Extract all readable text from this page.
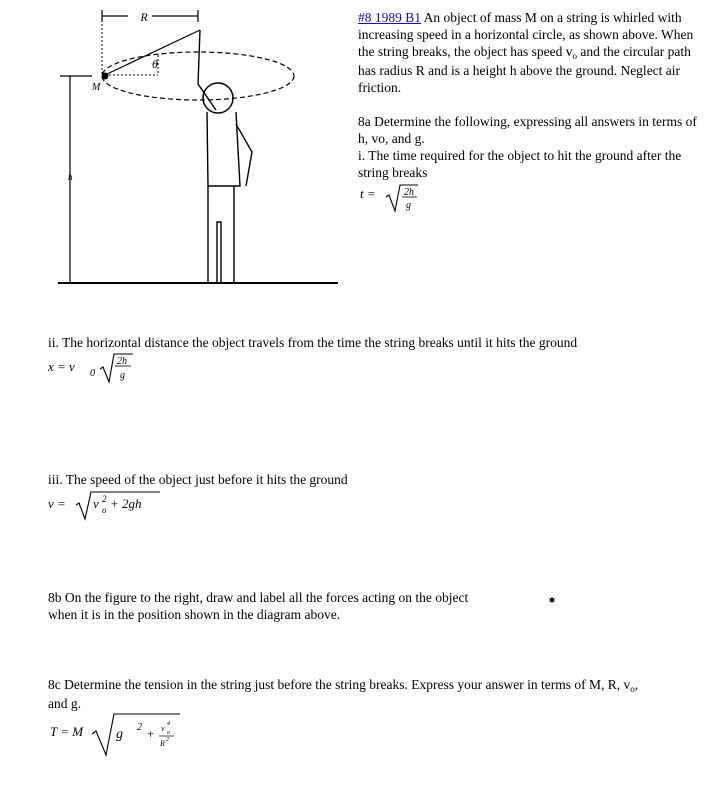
R
θ
M
h
#8 1989 B1 An object of mass M on a string is whirled with increasing speed in a horizontal circle, as shown above. When the string breaks, the object has speed $v_o$ and the circular path has radius R and is a height h above the ground. Neglect air friction.
8a Determine the following, expressing all answers in terms of h, vo, and g.
i. The time required for the object to hit the ground after the string breaks
t =	2h
g
ii. The horizontal distance the object travels from the time the string breaks until it hits the ground
x = v 0
2h
g
iii. The speed of the object just before it hits the ground
v = v 2
o + 2gh
8b On the figure to the right, draw and label all the forces acting on the object
when it is in the position shown in the diagram above.
8c Determine the tension in the string just before the string breaks. Express your answer in terms of M, R, $v_o$,
and g.
T = M g 2 + v 4
o
R 2
